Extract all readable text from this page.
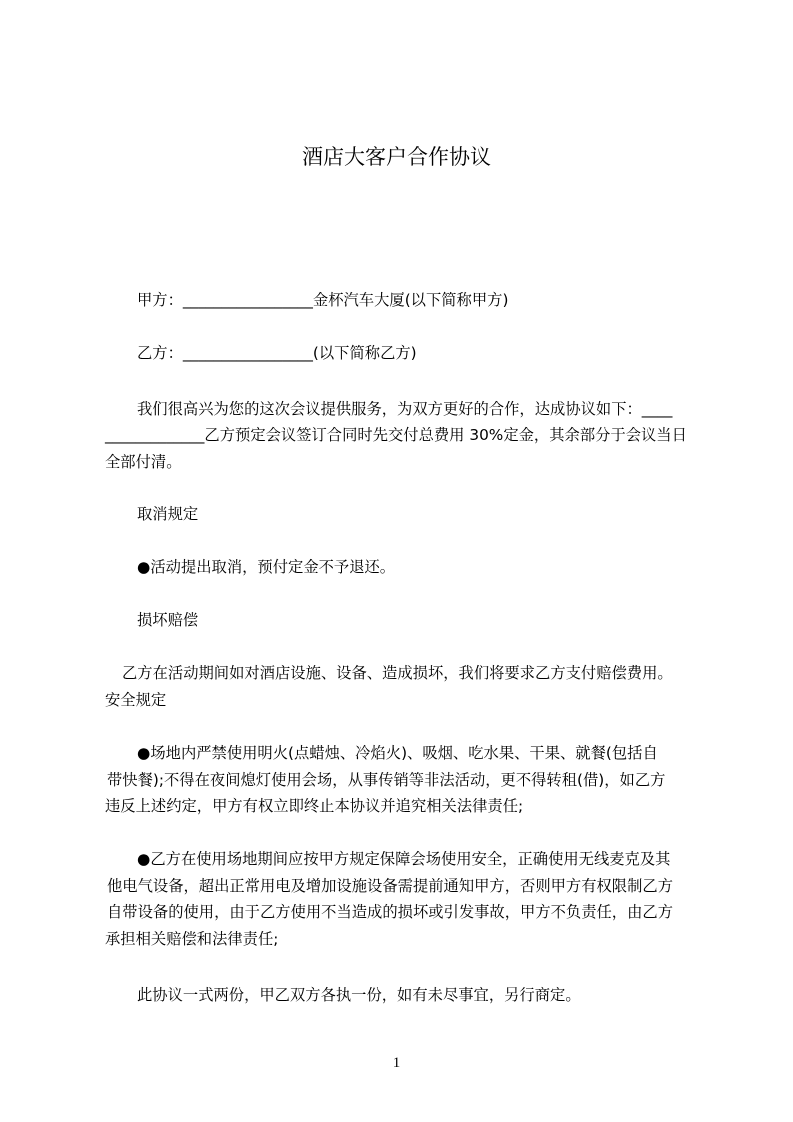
酒店大客户合作协议
甲方：_________________金杯汽车大厦(以下简称甲方)
乙方：_________________(以下简称乙方)
我们很高兴为您的这次会议提供服务，为双方更好的合作，达成协议如下：____
_____________乙方预定会议签订合同时先交付总费用 30%定金，其余部分于会议当日
全部付清。
取消规定
●活动提出取消，预付定金不予退还。
损坏赔偿
乙方在活动期间如对酒店设施、设备、造成损坏，我们将要求乙方支付赔偿费用。
安全规定
●场地内严禁使用明火(点蜡烛、冷焰火)、吸烟、吃水果、干果、就餐(包括自
带快餐);不得在夜间熄灯使用会场，从事传销等非法活动，更不得转租(借)，如乙方
违反上述约定，甲方有权立即终止本协议并追究相关法律责任;
●乙方在使用场地期间应按甲方规定保障会场使用安全，正确使用无线麦克及其
他电气设备，超出正常用电及增加设施设备需提前通知甲方，否则甲方有权限制乙方
自带设备的使用，由于乙方使用不当造成的损坏或引发事故，甲方不负责任，由乙方
承担相关赔偿和法律责任;
此协议一式两份，甲乙双方各执一份，如有未尽事宜，另行商定。
1
